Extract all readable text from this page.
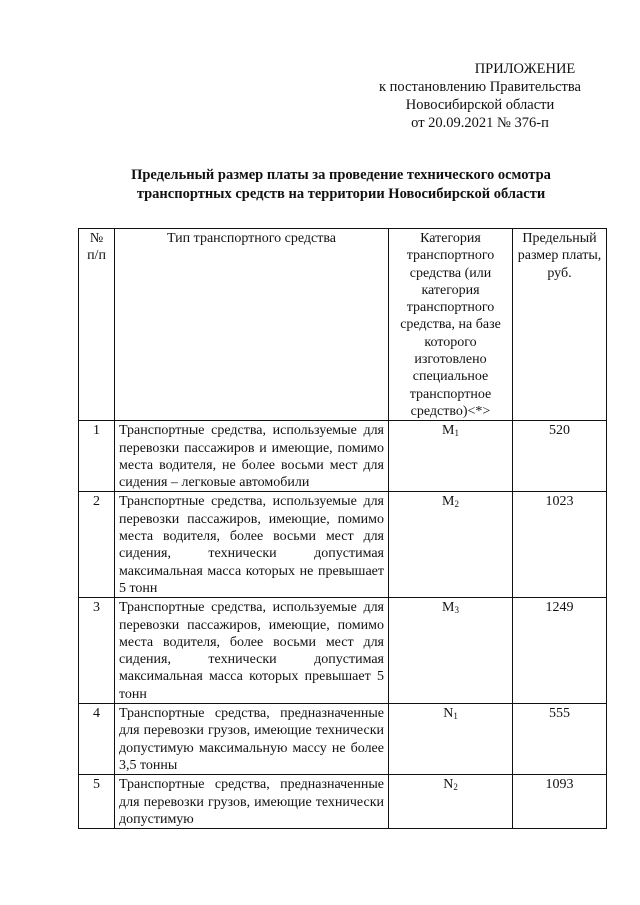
ПРИЛОЖЕНИЕ
к постановлению Правительства
Новосибирской области
от 20.09.2021 № 376-п
Предельный размер платы за проведение технического осмотра
транспортных средств на территории Новосибирской области
№ п/п	Тип транспортного средства	Категория транспортного средства (или категория транспортного средства, на базе которого изготовлено специальное транспортное средство)<*>	Предельный размер платы, руб.
1	Транспортные средства, используемые для перевозки пассажиров и имеющие, помимо места водителя, не более восьми мест для сидения – легковые автомобили	$M_1$	520
2	Транспортные средства, используемые для перевозки пассажиров, имеющие, помимо места водителя, более восьми мест для сидения, технически допустимая максимальная масса которых не превышает 5 тонн	$M_2$	1023
3	Транспортные средства, используемые для перевозки пассажиров, имеющие, помимо места водителя, более восьми мест для сидения, технически допустимая максимальная масса которых превышает 5 тонн	$M_3$	1249
4	Транспортные средства, предназначенные для перевозки грузов, имеющие технически допустимую максимальную массу не более 3,5 тонны	$N_1$	555
5	Транспортные средства, предназначенные для перевозки грузов, имеющие технически допустимую	$N_2$	1093
